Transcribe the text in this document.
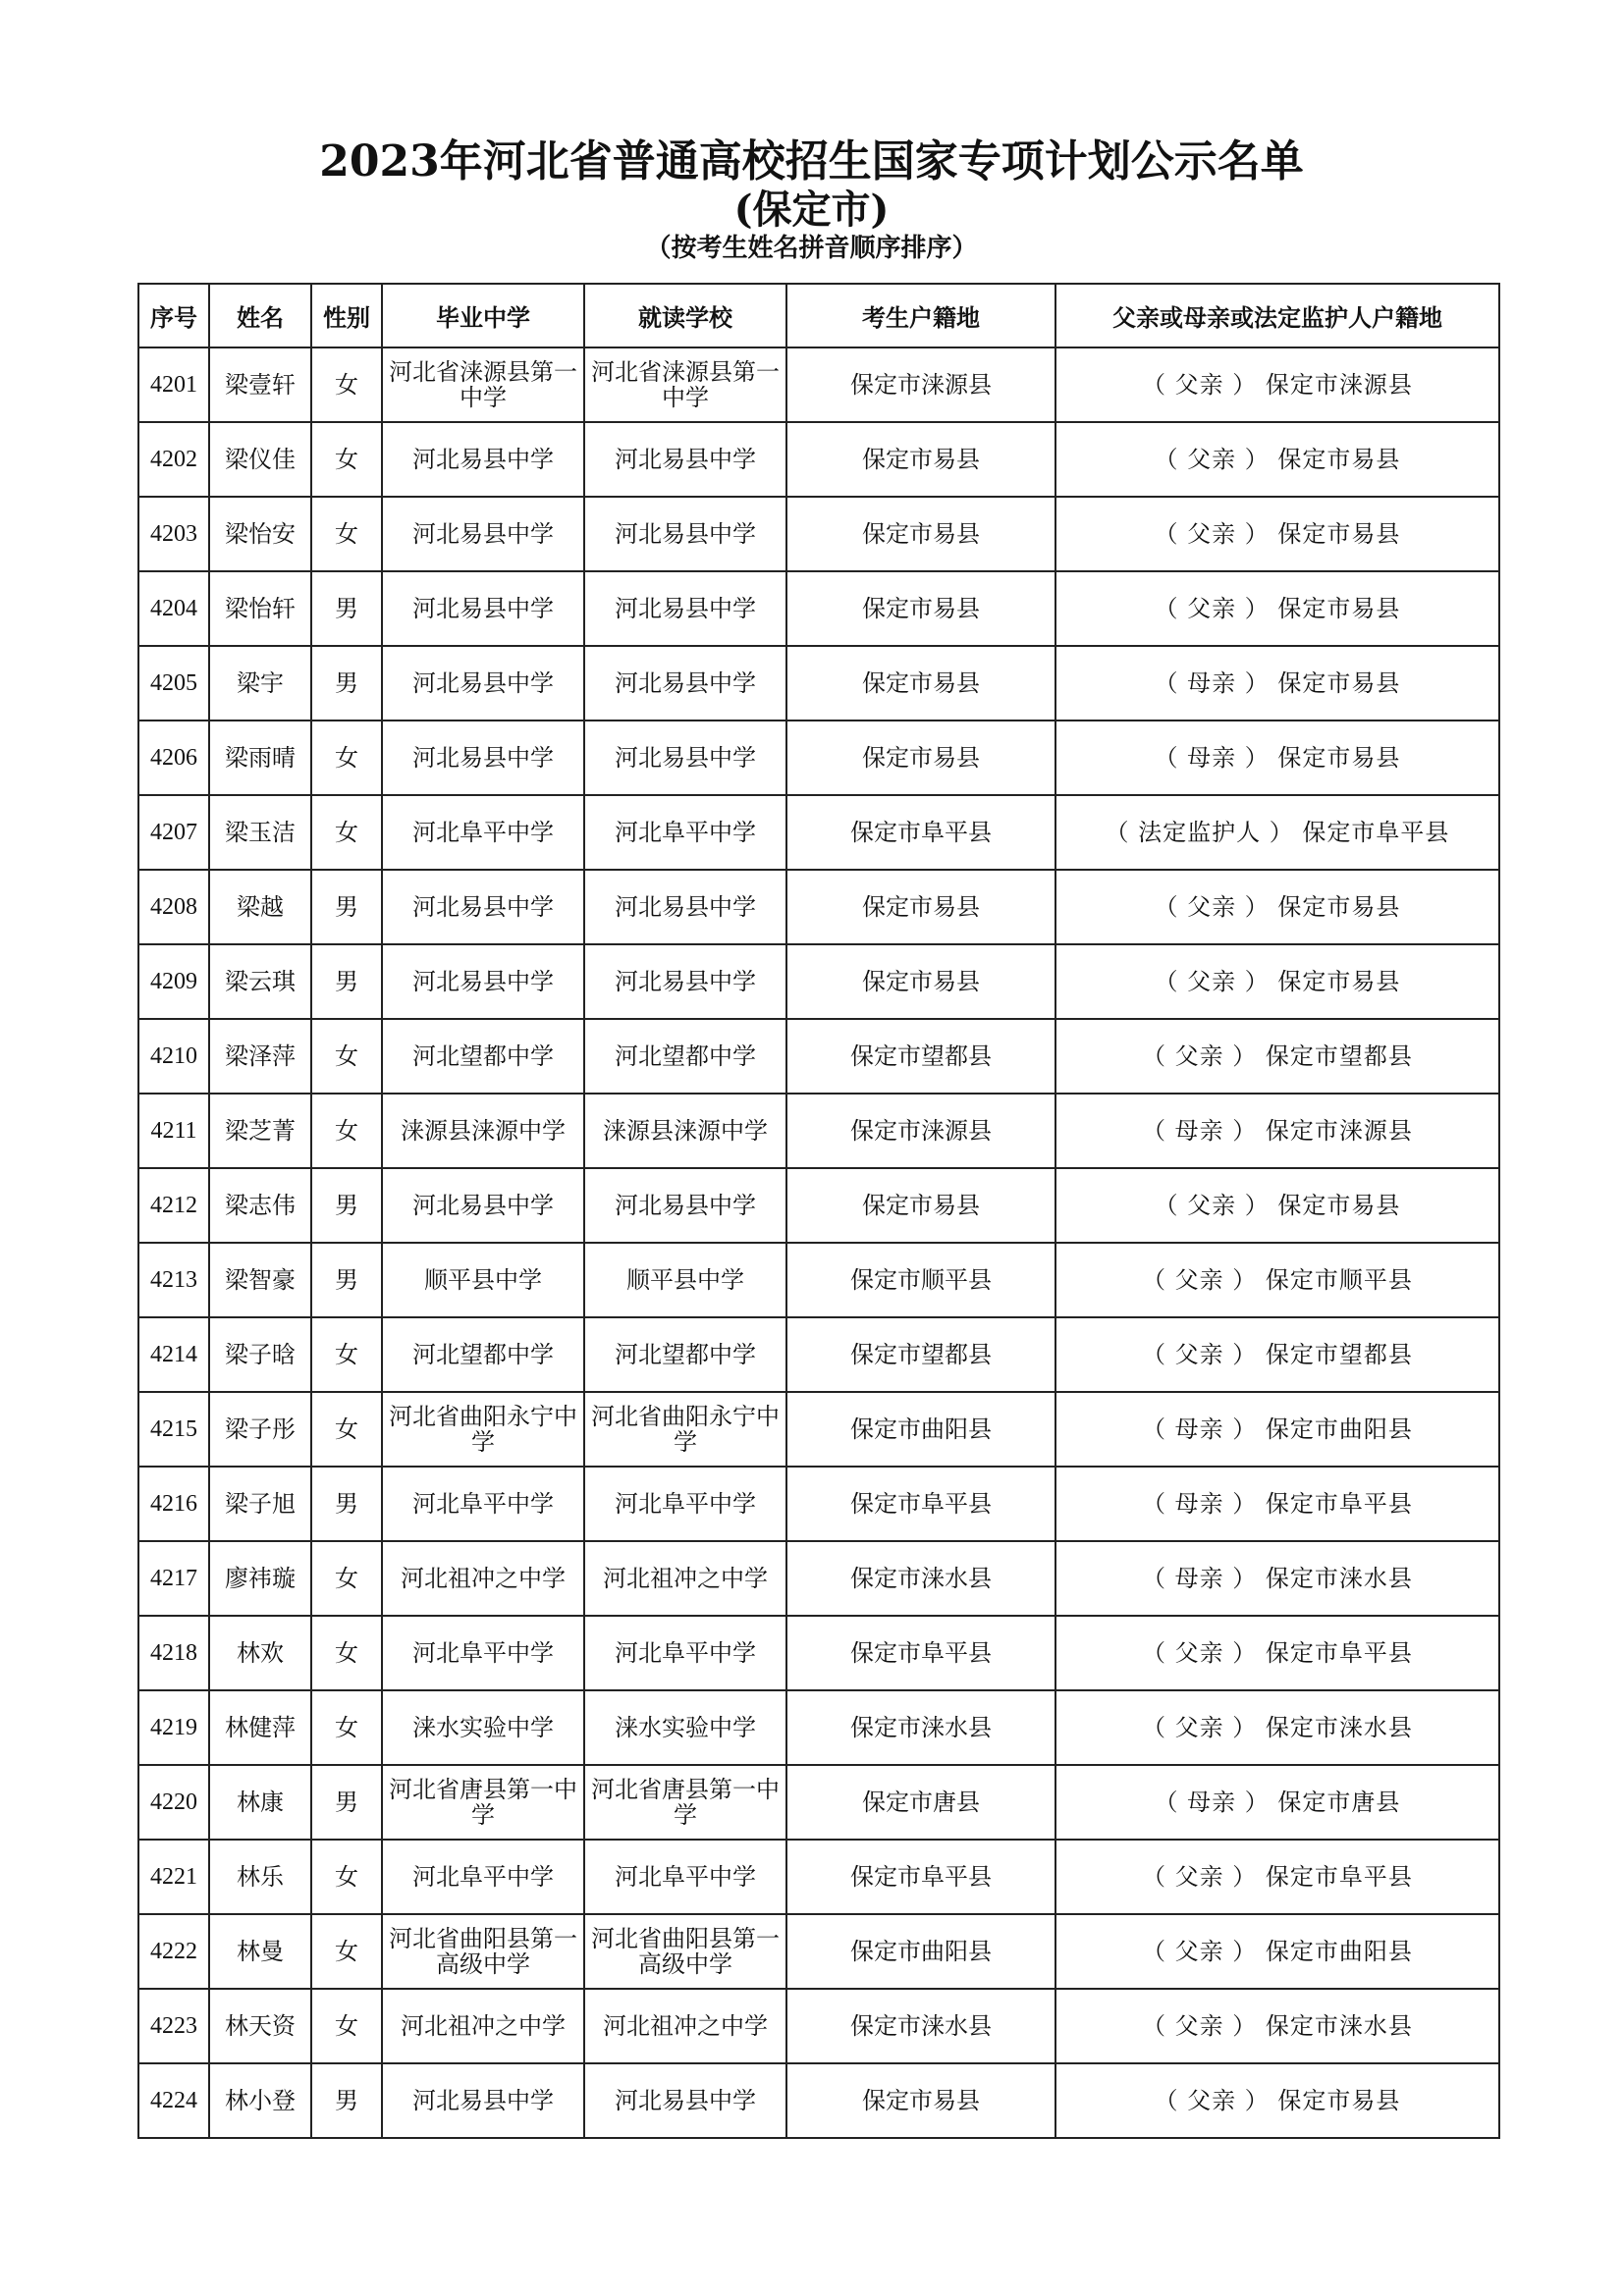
2023年河北省普通高校招生国家专项计划公示名单
(保定市)
（按考生姓名拼音顺序排序）
序号	姓名	性别	毕业中学	就读学校	考生户籍地	父亲或母亲或法定监护人户籍地
4201	梁壹轩	女	河北省涞源县第一中学	河北省涞源县第一中学	保定市涞源县	（ 父亲 ） 保定市涞源县
4202	梁仪佳	女	河北易县中学	河北易县中学	保定市易县	（ 父亲 ） 保定市易县
4203	梁怡安	女	河北易县中学	河北易县中学	保定市易县	（ 父亲 ） 保定市易县
4204	梁怡轩	男	河北易县中学	河北易县中学	保定市易县	（ 父亲 ） 保定市易县
4205	梁宇	男	河北易县中学	河北易县中学	保定市易县	（ 母亲 ） 保定市易县
4206	梁雨晴	女	河北易县中学	河北易县中学	保定市易县	（ 母亲 ） 保定市易县
4207	梁玉洁	女	河北阜平中学	河北阜平中学	保定市阜平县	（ 法定监护人 ） 保定市阜平县
4208	梁越	男	河北易县中学	河北易县中学	保定市易县	（ 父亲 ） 保定市易县
4209	梁云琪	男	河北易县中学	河北易县中学	保定市易县	（ 父亲 ） 保定市易县
4210	梁泽萍	女	河北望都中学	河北望都中学	保定市望都县	（ 父亲 ） 保定市望都县
4211	梁芝菁	女	涞源县涞源中学	涞源县涞源中学	保定市涞源县	（ 母亲 ） 保定市涞源县
4212	梁志伟	男	河北易县中学	河北易县中学	保定市易县	（ 父亲 ） 保定市易县
4213	梁智豪	男	顺平县中学	顺平县中学	保定市顺平县	（ 父亲 ） 保定市顺平县
4214	梁子晗	女	河北望都中学	河北望都中学	保定市望都县	（ 父亲 ） 保定市望都县
4215	梁子彤	女	河北省曲阳永宁中学	河北省曲阳永宁中学	保定市曲阳县	（ 母亲 ） 保定市曲阳县
4216	梁子旭	男	河北阜平中学	河北阜平中学	保定市阜平县	（ 母亲 ） 保定市阜平县
4217	廖祎璇	女	河北祖冲之中学	河北祖冲之中学	保定市涞水县	（ 母亲 ） 保定市涞水县
4218	林欢	女	河北阜平中学	河北阜平中学	保定市阜平县	（ 父亲 ） 保定市阜平县
4219	林健萍	女	涞水实验中学	涞水实验中学	保定市涞水县	（ 父亲 ） 保定市涞水县
4220	林康	男	河北省唐县第一中学	河北省唐县第一中学	保定市唐县	（ 母亲 ） 保定市唐县
4221	林乐	女	河北阜平中学	河北阜平中学	保定市阜平县	（ 父亲 ） 保定市阜平县
4222	林曼	女	河北省曲阳县第一高级中学	河北省曲阳县第一高级中学	保定市曲阳县	（ 父亲 ） 保定市曲阳县
4223	林天资	女	河北祖冲之中学	河北祖冲之中学	保定市涞水县	（ 父亲 ） 保定市涞水县
4224	林小登	男	河北易县中学	河北易县中学	保定市易县	（ 父亲 ） 保定市易县
